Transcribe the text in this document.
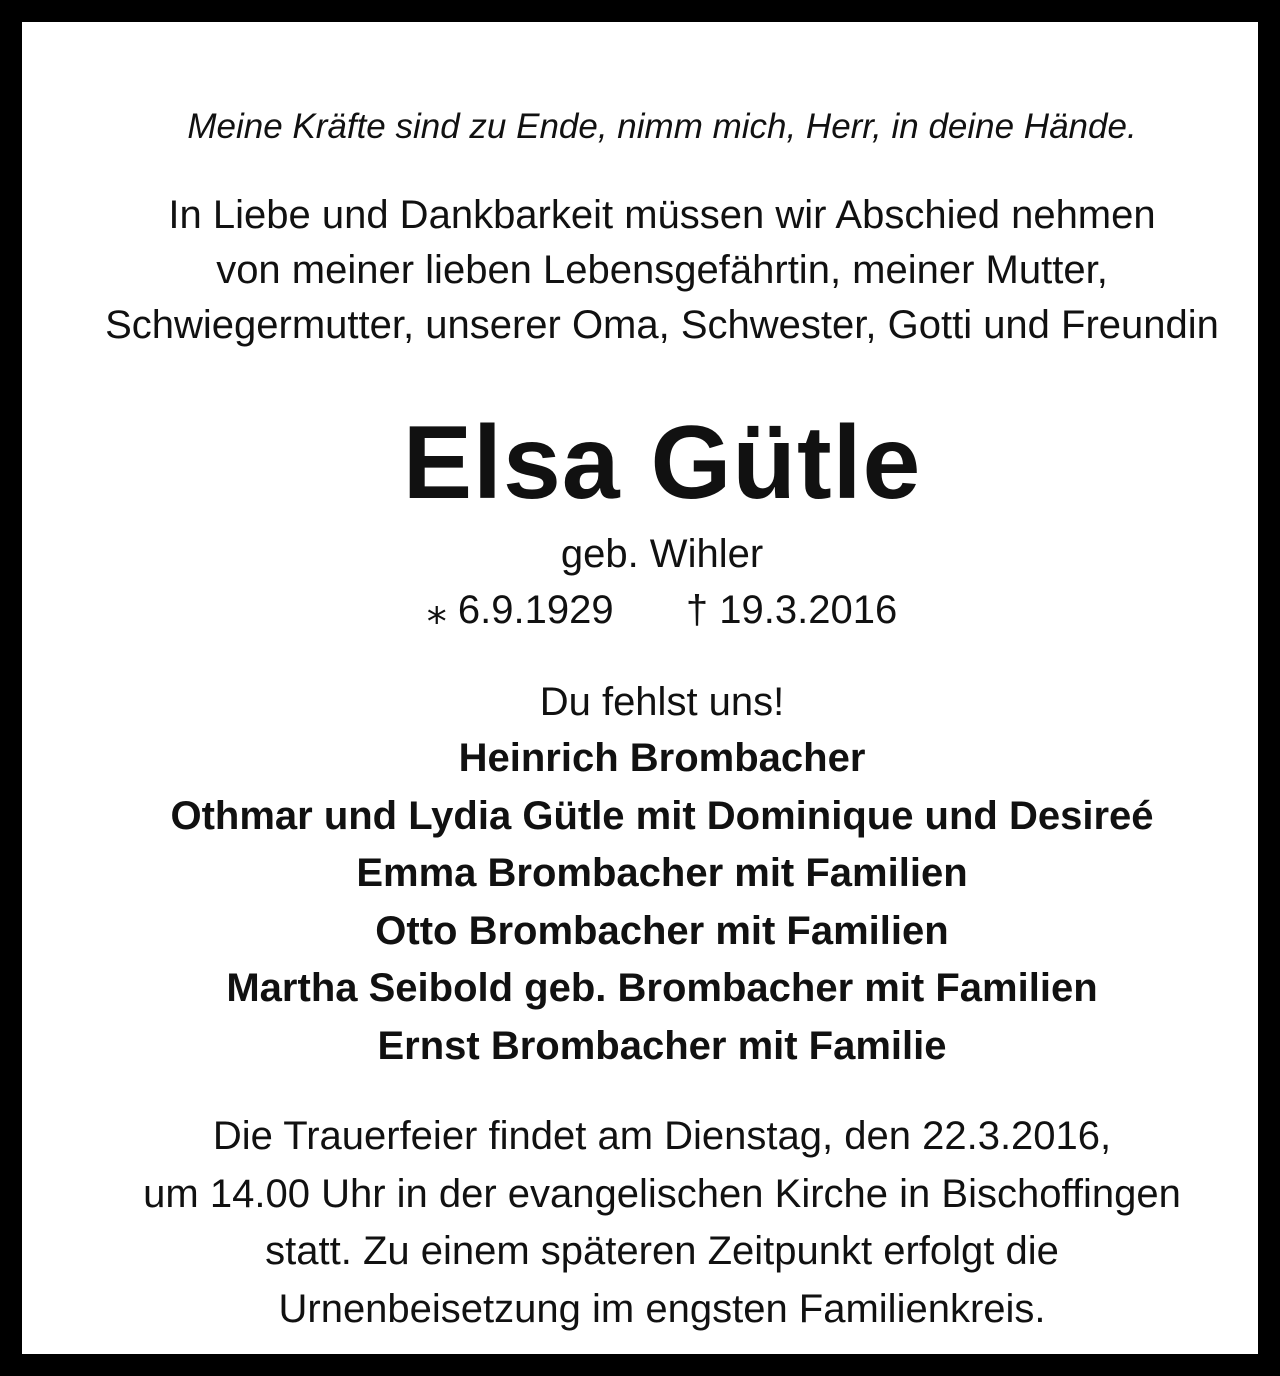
Meine Kräfte sind zu Ende, nimm mich, Herr, in deine Hände.
In Liebe und Dankbarkeit müssen wir Abschied nehmen
von meiner lieben Lebensgefährtin, meiner Mutter,
Schwiegermutter, unserer Oma, Schwester, Gotti und Freundin
Elsa Gütle
geb. Wihler
⁎ 6.9.1929 † 19.3.2016
Du fehlst uns!
Heinrich Brombacher
Othmar und Lydia Gütle mit Dominique und Desireé
Emma Brombacher mit Familien
Otto Brombacher mit Familien
Martha Seibold geb. Brombacher mit Familien
Ernst Brombacher mit Familie
Die Trauerfeier findet am Dienstag, den 22.3.2016,
um 14.00 Uhr in der evangelischen Kirche in Bischoffingen
statt. Zu einem späteren Zeitpunkt erfolgt die
Urnenbeisetzung im engsten Familienkreis.
